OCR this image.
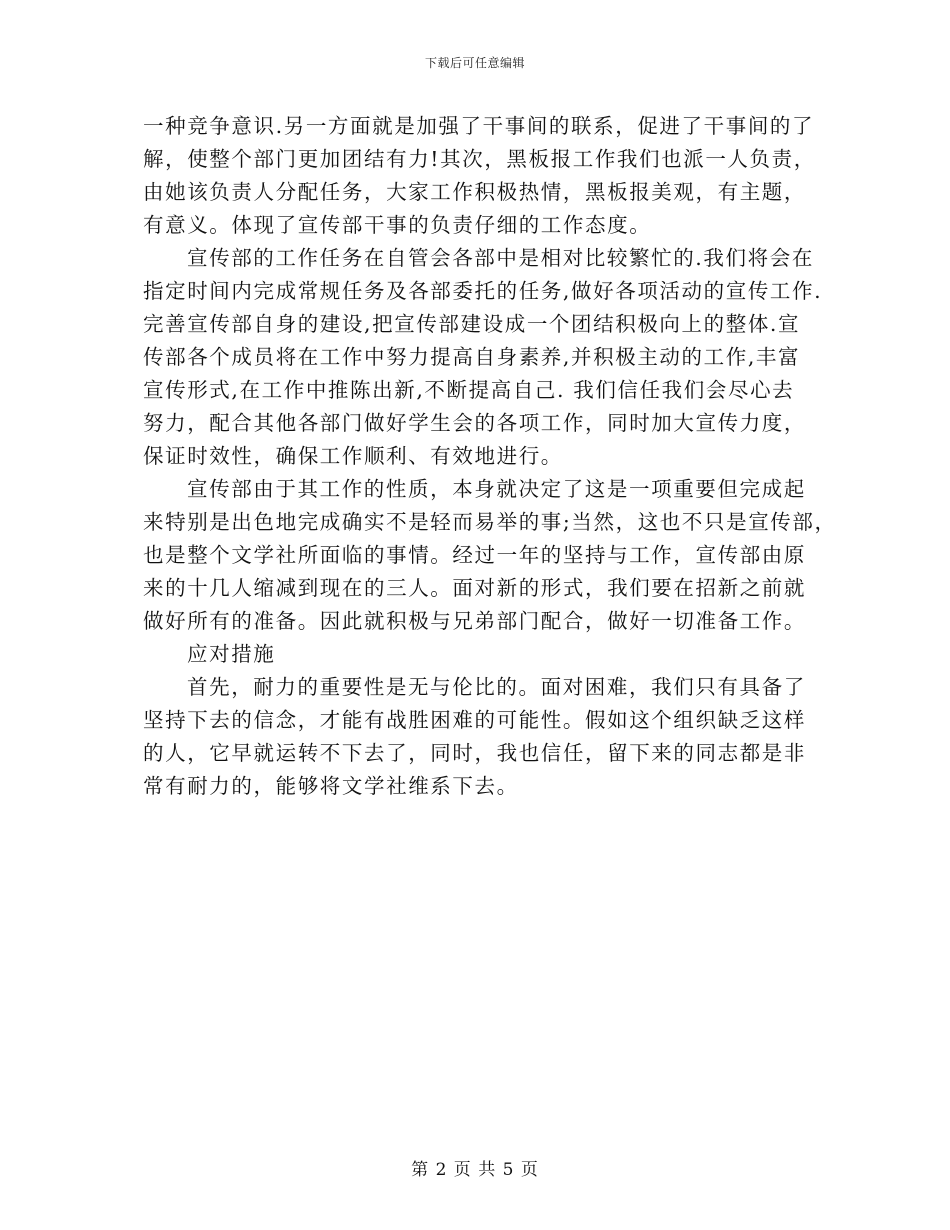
下载后可任意编辑
一种竞争意识.另一方面就是加强了干事间的联系，促进了干事间的了
解，使整个部门更加团结有力!其次，黑板报工作我们也派一人负责，
由她该负责人分配任务，大家工作积极热情，黑板报美观，有主题，
有意义。体现了宣传部干事的负责仔细的工作态度。
宣传部的工作任务在自管会各部中是相对比较繁忙的.我们将会在
指定时间内完成常规任务及各部委托的任务,做好各项活动的宣传工作.
完善宣传部自身的建设,把宣传部建设成一个团结积极向上的整体.宣
传部各个成员将在工作中努力提高自身素养,并积极主动的工作,丰富
宣传形式,在工作中推陈出新,不断提高自己. 我们信任我们会尽心去
努力，配合其他各部门做好学生会的各项工作，同时加大宣传力度，
保证时效性，确保工作顺利、有效地进行。
宣传部由于其工作的性质，本身就决定了这是一项重要但完成起
来特别是出色地完成确实不是轻而易举的事;当然，这也不只是宣传部，
也是整个文学社所面临的事情。经过一年的坚持与工作，宣传部由原
来的十几人缩减到现在的三人。面对新的形式，我们要在招新之前就
做好所有的准备。因此就积极与兄弟部门配合，做好一切准备工作。
应对措施
首先，耐力的重要性是无与伦比的。面对困难，我们只有具备了
坚持下去的信念，才能有战胜困难的可能性。假如这个组织缺乏这样
的人，它早就运转不下去了，同时，我也信任，留下来的同志都是非
常有耐力的，能够将文学社维系下去。
第 2 页 共 5 页
